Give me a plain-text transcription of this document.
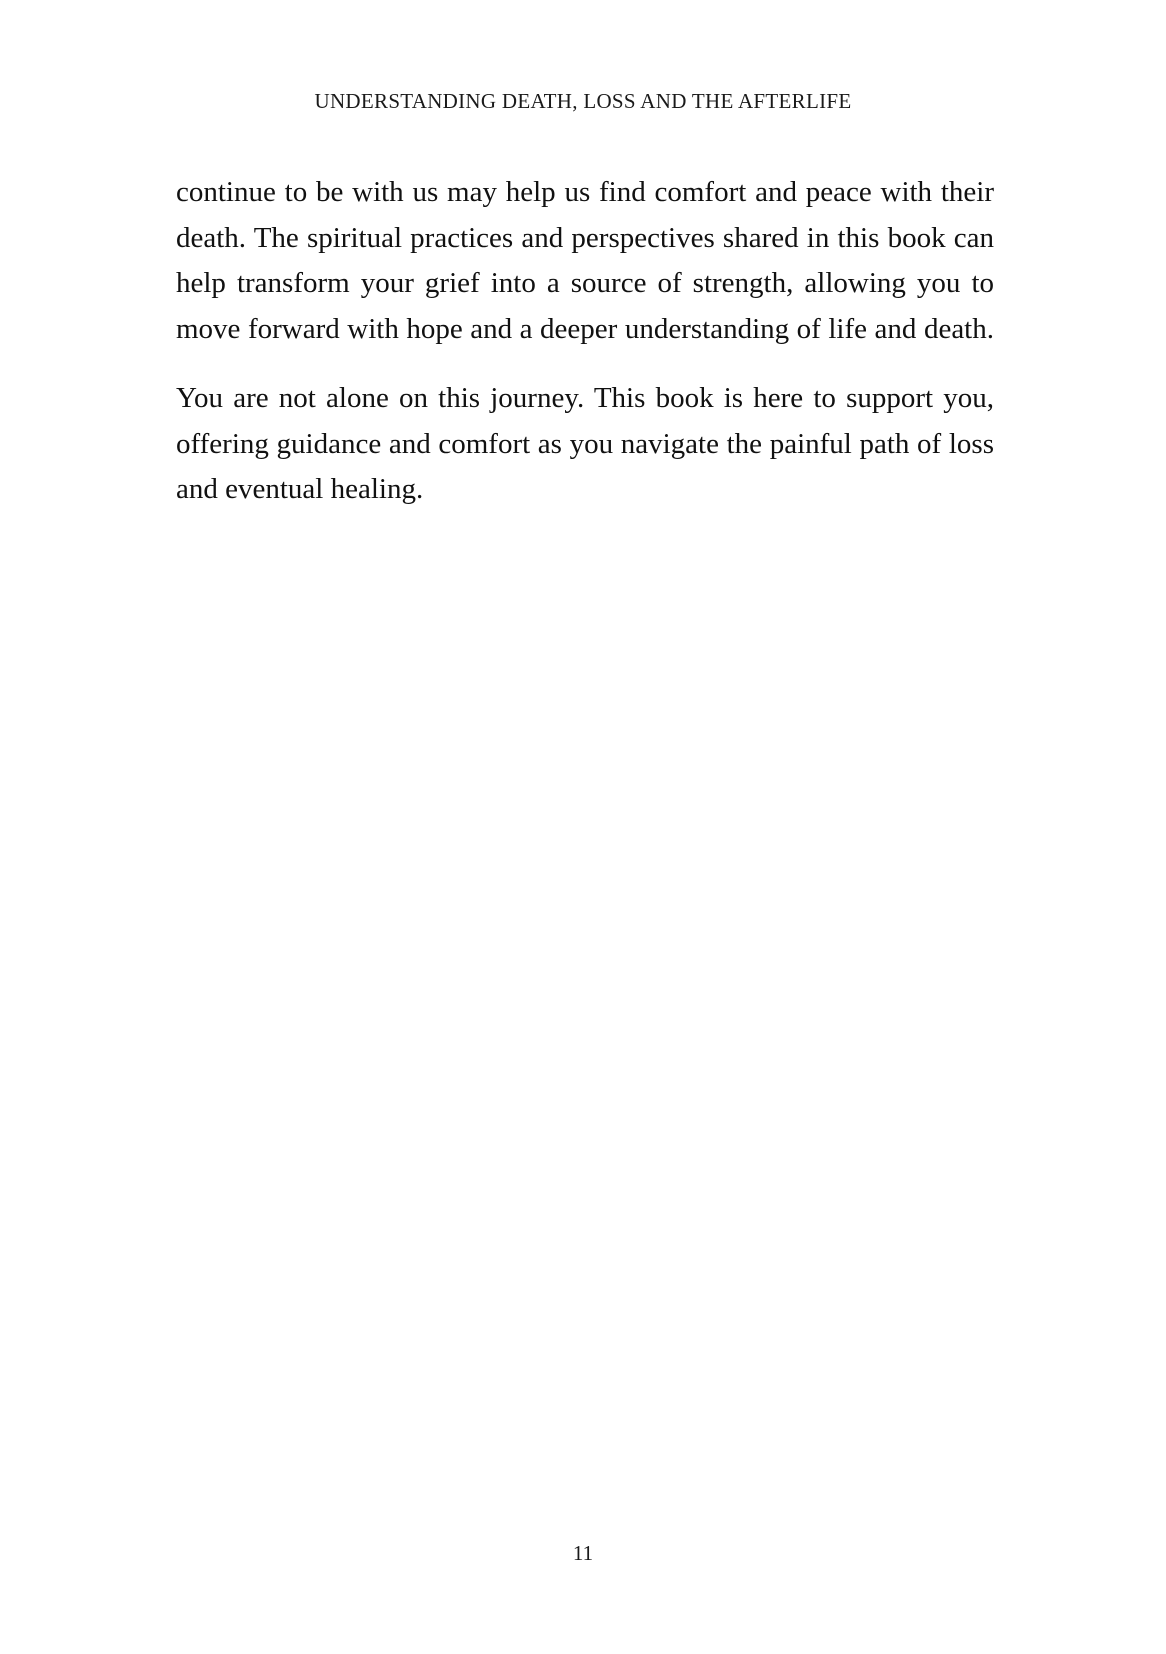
UNDERSTANDING DEATH, LOSS AND THE AFTERLIFE

continue to be with us may help us find comfort and peace with their
death. The spiritual practices and perspectives shared in this book can
help transform your grief into a source of strength, allowing you to
move forward with hope and a deeper understanding of life and death.

You are not alone on this journey. This book is here to support you,
offering guidance and comfort as you navigate the painful path of loss
and eventual healing.

11
